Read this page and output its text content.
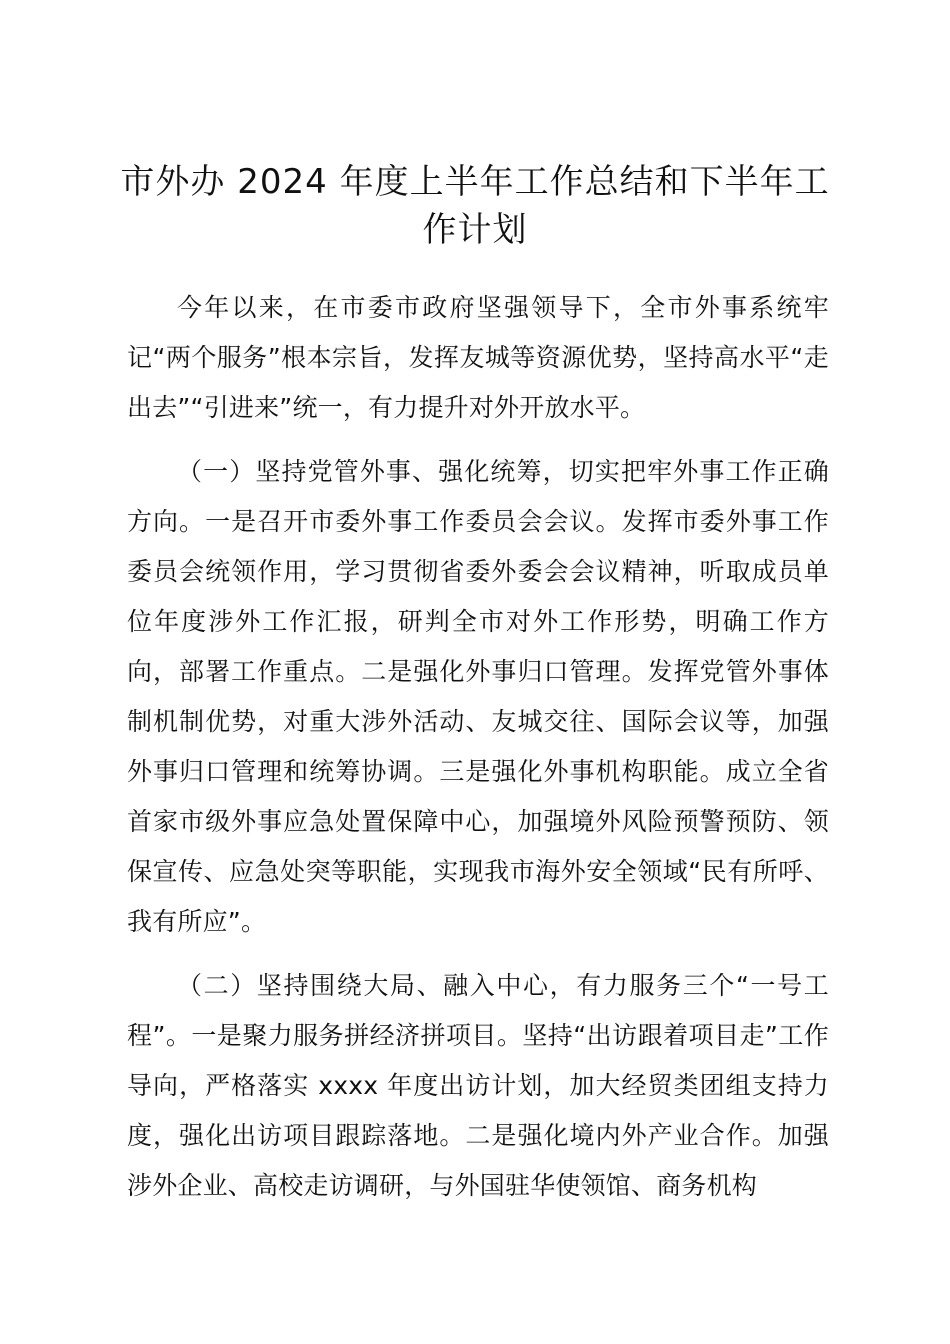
市外办 2024 年度上半年工作总结和下半年工作计划

今年以来，在市委市政府坚强领导下，全市外事系统牢记“两个服务”根本宗旨，发挥友城等资源优势，坚持高水平“走出去”“引进来”统一，有力提升对外开放水平。

（一）坚持党管外事、强化统筹，切实把牢外事工作正确方向。一是召开市委外事工作委员会会议。发挥市委外事工作委员会统领作用，学习贯彻省委外委会会议精神，听取成员单位年度涉外工作汇报，研判全市对外工作形势，明确工作方向，部署工作重点。二是强化外事归口管理。发挥党管外事体制机制优势，对重大涉外活动、友城交往、国际会议等，加强外事归口管理和统筹协调。三是强化外事机构职能。成立全省首家市级外事应急处置保障中心，加强境外风险预警预防、领保宣传、应急处突等职能，实现我市海外安全领域“民有所呼、我有所应”。

（二）坚持围绕大局、融入中心，有力服务三个“一号工程”。一是聚力服务拼经济拼项目。坚持“出访跟着项目走”工作导向，严格落实 xxxx 年度出访计划，加大经贸类团组支持力度，强化出访项目跟踪落地。二是强化境内外产业合作。加强涉外企业、高校走访调研，与外国驻华使领馆、商务机构
